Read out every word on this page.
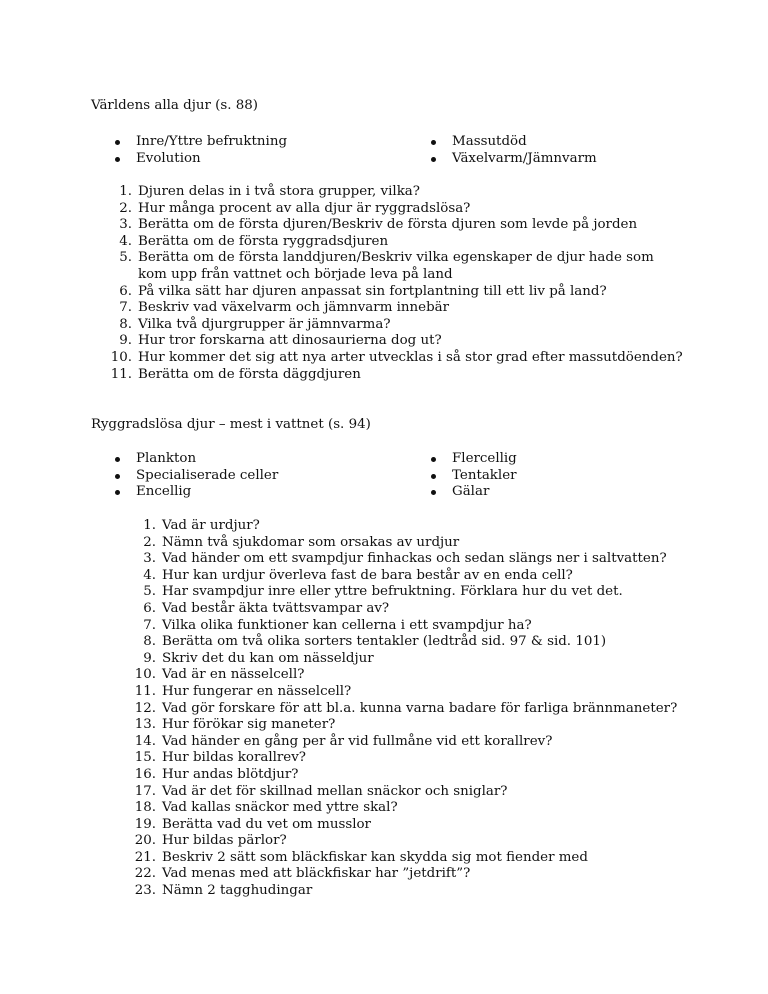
Världens alla djur (s. 88)
Inre/Yttre befruktning
Evolution
Massutdöd
Växelvarm/Jämnvarm
1. Djuren delas in i två stora grupper, vilka?
2. Hur många procent av alla djur är ryggradslösa?
3. Berätta om de första djuren/Beskriv de första djuren som levde på jorden
4. Berätta om de första ryggradsdjuren
5. Berätta om de första landdjuren/Beskriv vilka egenskaper de djur hade som kom upp från vattnet och började leva på land
6. På vilka sätt har djuren anpassat sin fortplantning till ett liv på land?
7. Beskriv vad växelvarm och jämnvarm innebär
8. Vilka två djurgrupper är jämnvarma?
9. Hur tror forskarna att dinosaurierna dog ut?
10. Hur kommer det sig att nya arter utvecklas i så stor grad efter massutdöenden?
11. Berätta om de första däggdjuren
Ryggradslösa djur – mest i vattnet (s. 94)
Plankton
Specialiserade celler
Encellig
Flercellig
Tentakler
Gälar
1. Vad är urdjur?
2. Nämn två sjukdomar som orsakas av urdjur
3. Vad händer om ett svampdjur finhackas och sedan slängs ner i saltvatten?
4. Hur kan urdjur överleva fast de bara består av en enda cell?
5. Har svampdjur inre eller yttre befruktning. Förklara hur du vet det.
6. Vad består äkta tvättsvampar av?
7. Vilka olika funktioner kan cellerna i ett svampdjur ha?
8. Berätta om två olika sorters tentakler (ledtråd sid. 97 & sid. 101)
9. Skriv det du kan om nässeldjur
10. Vad är en nässelcell?
11. Hur fungerar en nässelcell?
12. Vad gör forskare för att bl.a. kunna varna badare för farliga brännmaneter?
13. Hur förökar sig maneter?
14. Vad händer en gång per år vid fullmåne vid ett korallrev?
15. Hur bildas korallrev?
16. Hur andas blötdjur?
17. Vad är det för skillnad mellan snäckor och sniglar?
18. Vad kallas snäckor med yttre skal?
19. Berätta vad du vet om musslor
20. Hur bildas pärlor?
21. Beskriv 2 sätt som bläckfiskar kan skydda sig mot fiender med
22. Vad menas med att bläckfiskar har ”jetdrift”?
23. Nämn 2 tagghudingar
